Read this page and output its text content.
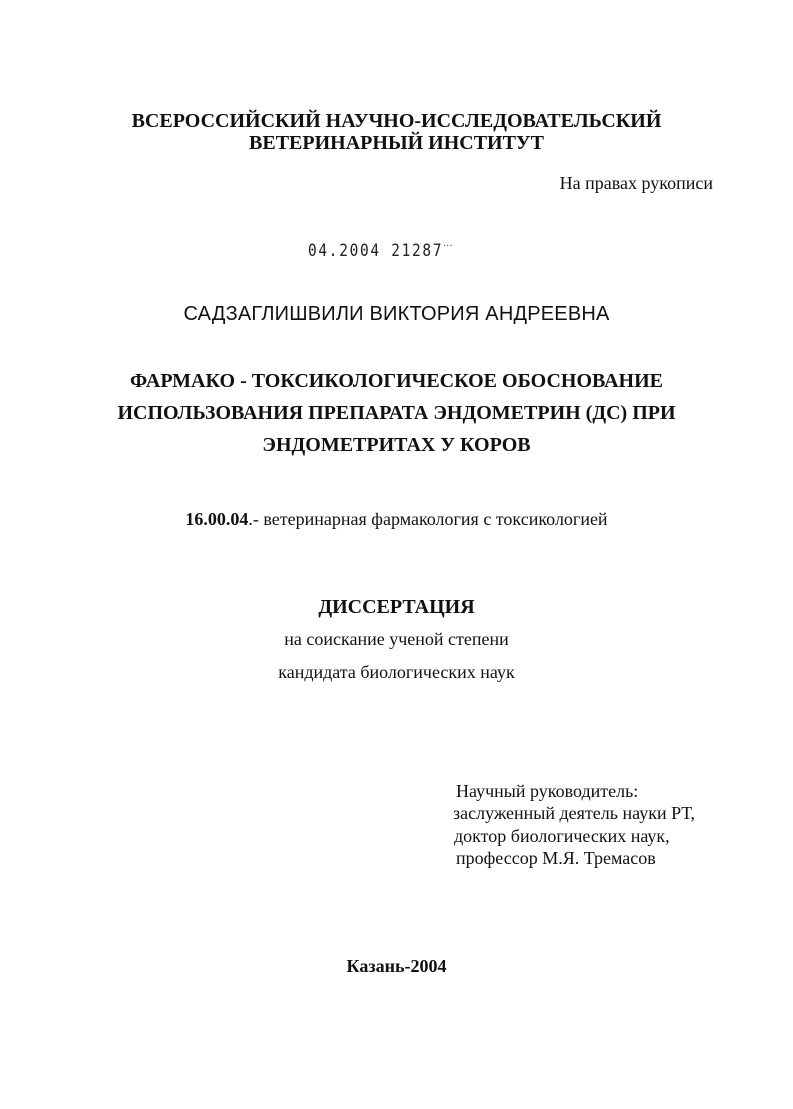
ВСЕРОССИЙСКИЙ НАУЧНО-ИССЛЕДОВАТЕЛЬСКИЙ
ВЕТЕРИНАРНЫЙ ИНСТИТУТ
На правах рукописи
04.2004 21287 ...
САДЗАГЛИШВИЛИ ВИКТОРИЯ АНДРЕЕВНА
ФАРМАКО - ТОКСИКОЛОГИЧЕСКОЕ ОБОСНОВАНИЕ
ИСПОЛЬЗОВАНИЯ ПРЕПАРАТА ЭНДОМЕТРИН (ДС) ПРИ
ЭНДОМЕТРИТАХ У КОРОВ
16.00.04.- ветеринарная фармакология с токсикологией
ДИССЕРТАЦИЯ
на соискание ученой степени
кандидата биологических наук
Научный руководитель:
заслуженный деятель науки РТ,
доктор биологических наук,
профессор М.Я. Тремасов
Казань-2004
